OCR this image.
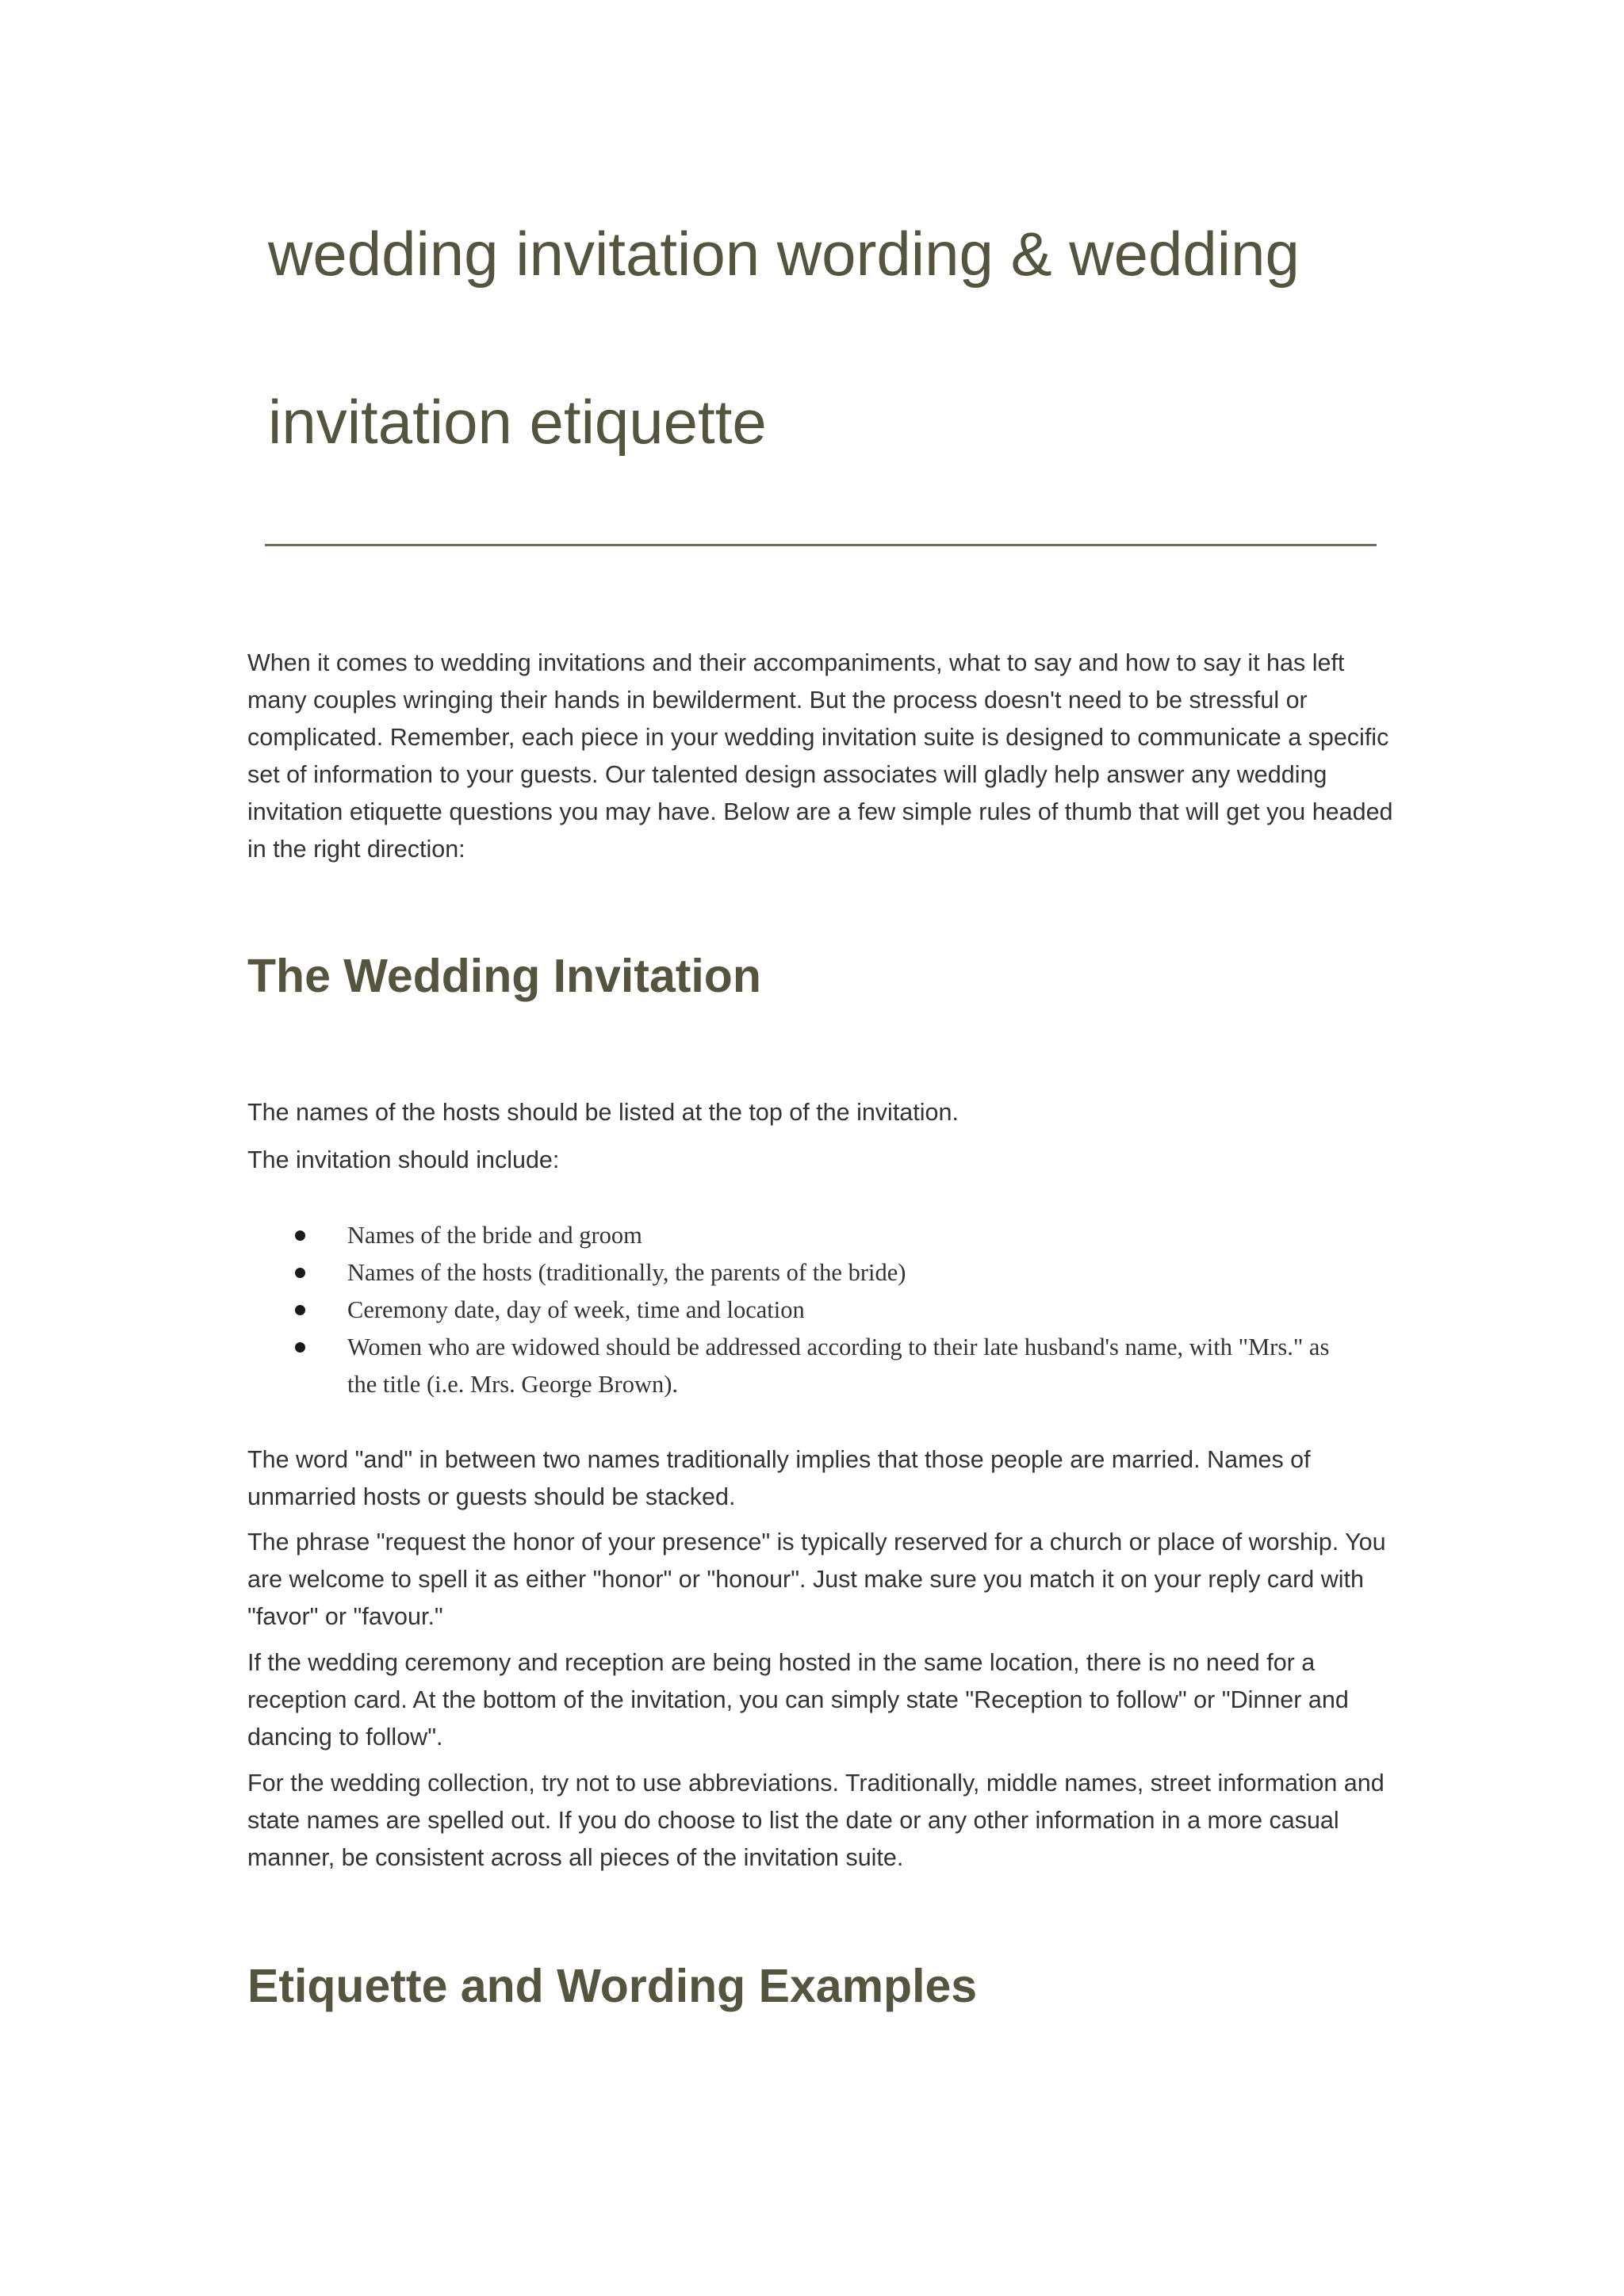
wedding invitation wording & wedding
invitation etiquette

When it comes to wedding invitations and their accompaniments, what to say and how to say it has left many couples wringing their hands in bewilderment. But the process doesn't need to be stressful or complicated. Remember, each piece in your wedding invitation suite is designed to communicate a specific set of information to your guests. Our talented design associates will gladly help answer any wedding invitation etiquette questions you may have. Below are a few simple rules of thumb that will get you headed in the right direction:

The Wedding Invitation

The names of the hosts should be listed at the top of the invitation.

The invitation should include:

Names of the bride and groom
Names of the hosts (traditionally, the parents of the bride)
Ceremony date, day of week, time and location
Women who are widowed should be addressed according to their late husband's name, with "Mrs." as the title (i.e. Mrs. George Brown).

The word "and" in between two names traditionally implies that those people are married. Names of unmarried hosts or guests should be stacked.

The phrase "request the honor of your presence" is typically reserved for a church or place of worship. You are welcome to spell it as either "honor" or "honour". Just make sure you match it on your reply card with "favor" or "favour."

If the wedding ceremony and reception are being hosted in the same location, there is no need for a reception card. At the bottom of the invitation, you can simply state "Reception to follow" or "Dinner and dancing to follow".

For the wedding collection, try not to use abbreviations. Traditionally, middle names, street information and state names are spelled out. If you do choose to list the date or any other information in a more casual manner, be consistent across all pieces of the invitation suite.

Etiquette and Wording Examples
